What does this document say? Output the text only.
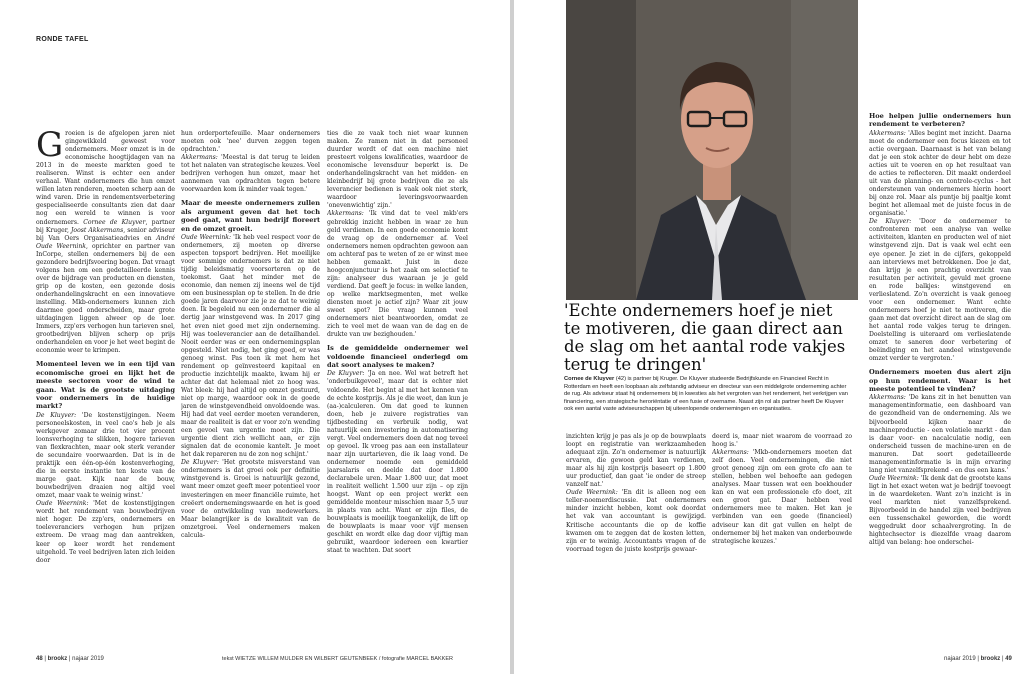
RONDE TAFEL

Groeien is de afgelopen jaren niet gingewikkeld geweest voor ondernemers. Meer omzet is in de economische hoogtijdagen van na 2013 in de meeste markten goed te realiseren. Winst is echter een ander verhaal. Want ondernemers die hun omzet willen laten renderen, moeten scherp aan de wind varen. Drie in rendementsverbetering gespecialiseerde consultants zien dat daar nog een wereld te winnen is voor ondernemers. Cornee de Kluyver, partner bij Kruger, Joost Akkermans, senior adviseur bij Van Oers Organisatieadvies en André Oude Weernink, oprichter en partner van InCorpe, stellen ondernemers bij de een gezondere bedrijfsvoering bogen. Dat vraagt volgens hen om een gedetailleerde kennis over de bijdrage van producten en diensten, grip op de kosten, een gezonde dosis onderhandelingskracht en een innovatieve instelling. Mkb-ondernemers kunnen zich daarmee goed onderscheiden, maar grote uitdagingen liggen alweer op de loer. Immers, zzp'ers verhogen hun tarieven snel, grootbedrijven blijven scherp op prijs onderhandelen en voor je het weet begint de economie weer te krimpen.

Momenteel leven we in een tijd van economische groei en lijkt het de meeste sectoren voor de wind te gaan. Wat is de grootste uitdaging voor ondernemers in de huidige markt?

De Kluyver: 'De kostenstijgingen. Neem personeelskosten, in veel cao's heb je als werkgever zomaar drie tot vier procent loonsverhoging te slikken, hogere tarieven van flexkrachten, maar ook sterk verander de secundaire voorwaarden. Dat is in de praktijk een één-op-één kostenverhoging, die in eerste instantie ten koste van de marge gaat. Kijk naar de bouw, bouwbedrijven draaien nog altijd veel omzet, maar vaak te weinig winst.'

Oude Weernink: 'Met de kostenstijgingen wordt het rendement van bouwbedrijven niet hoger. De zzp'ers, ondernemers en toeleveranciers verhogen hun prijzen extreem. De vraag mag dan aantrekken, keer op keer wordt het rendement uitgehold. Te veel bedrijven laten zich leiden door

hun orderportefeuille. Maar ondernemers moeten ook 'nee' durven zeggen tegen opdrachten.'

Akkermans: 'Meestal is dat terug te leiden tot het nalaten van strategische keuzes. Veel bedrijven verhogen hun omzet, maar het aannemen van opdrachten tegen betere voorwaarden kom ik minder vaak tegen.'

Maar de meeste ondernemers zullen als argument geven dat het toch goed gaat, want hun bedrijf floreert en de omzet groeit.

Oude Weernink: 'Ik heb veel respect voor de ondernemers, zij moeten op diverse aspecten topsport bedrijven. Het moeilijke voor sommige ondernemers is dat ze niet tijdig beleidsmatig voorsorteren op de toekomst. Gaat het minder met de economie, dan nemen zij ineens wel de tijd om een businessplan op te stellen. In de drie goede jaren daarvoor zie je ze dat te weinig doen. Ik begeleid nu een ondernemer die al dertig jaar winstgevend was. In 2017 ging het even niet goed met zijn onderneming. Hij was toeleverancier aan de detailhandel. Nooit eerder was er een ondernemingsplan opgesteld. Niet nodig, het ging goed, er was genoeg winst. Pas toen ik met hem het rendement op geïnvesteerd kapitaal en productie inzichtelijk maakte, kwam hij er achter dat dat helemaal niet zo hoog was. Wat bleek: hij had altijd op omzet gestuurd, niet op marge, waardoor ook in de goede jaren de winstgevendheid onvoldoende was. Hij had dat veel eerder moeten veranderen, maar de realiteit is dat er voor zo'n wending een gevoel van urgentie moet zijn. Die urgentie dient zich wellicht aan, er zijn signalen dat de economie kantelt. Je moet het dak repareren nu de zon nog schijnt.'

De Kluyver: 'Het grootste misverstand van ondernemers is dat groei ook per definitie winstgevend is. Groei is natuurlijk gezond, want meer omzet geeft meer potentieel voor investeringen en meer financiële ruimte, het creëert ondernemingswaarde en het is goed voor de ontwikkeling van medewerkers. Maar belangrijker is de kwaliteit van de omzetgroei. Veel ondernemers maken calcula-

ties die ze vaak toch niet waar kunnen maken. Ze ramen niet in dat personeel duurder wordt of dat een machine niet presteert volgens kwalificaties, waardoor de economische levensduur beperkt is. De onderhandelingskracht van het midden- en kleinbedrijf bij grote bedrijven die ze als leverancier bedienen is vaak ook niet sterk, waardoor leveringsvoorwaarden 'onevenwichtig' zijn.'

Akkermans: 'Ik vind dat te veel mkb'ers gebrekkig inzicht hebben in waar ze hun geld verdienen. In een goede economie komt de vraag op de ondernemer af. Veel ondernemers nemen opdrachten gewoon aan om achteraf pas te weten of ze er winst mee hebben gemaakt. Juist in deze hoogconjunctuur is het zaak om selectief te zijn: analyseer dus waaraan je je geld verdiend. Dat geeft je focus: in welke landen, op welke marktsegmenten, met welke diensten moet je actief zijn? Waar zit jouw sweet spot? Die vraag kunnen veel ondernemers niet beantwoorden, omdat ze zich te veel met de waan van de dag en de drukte van uw bezighouden.'

Is de gemiddelde ondernemer wel voldoende financieel onderlegd om dat soort analyses te maken?

De Kluyver: 'Ja en nee. Wel wat betreft het 'onderbuikgevoel', maar dat is echter niet voldoende. Het begint al met het kennen van de echte kostprijs. Als je die weet, dan kun je (aa-)calculeren. Om dat goed te kunnen doen, heb je zuivere registraties van tijdbesteding en verbruik nodig, wat natuurlijk een investering in automatisering vergt. Veel ondernemers doen dat nog teveel op gevoel. Ik vroeg pas aan een installateur naar zijn uurtarieven, die ik laag vond. De ondernemer noemde een gemiddeld jaarsalaris en deelde dat door 1.800 declarabele uren. Maar 1.800 uur, dat moet in realiteit wellicht 1.500 uur zijn – op zijn hoogst. Want op een project werkt een gemiddelde monteur misschien maar 5,5 uur in plaats van acht. Want er zijn files, de bouwplaats is moeilijk toegankelijk, de lift op de bouwplaats is maar voor vijf mensen geschikt en wordt elke dag door vijftig man gebruikt, waardoor iedereen een kwartier staat te wachten. Dat soort

48 | brookz | najaar 2019	tekst WIETZE WILLEM MULDER EN WILBERT GEUTENBEEK / fotografie MARCEL BAKKER
'Echte ondernemers hoef je niet te motiveren, die gaan direct aan de slag om het aantal rode vakjes terug te dringen'
Cornee de Kluyver (42) is partner bij Kruger. De Kluyver studeerde Bedrijfskunde en Financieel Recht in Rotterdam en heeft een loopbaan als zelfstandig adviseur en directeur van een middelgrote onderneming achter de rug. Als adviseur staat hij ondernemers bij in kwesties als het vergroten van het rendement, het verkrijgen van financiering, een strategische heroriëntatie of een fusie of overname. Naast zijn rol als partner heeft De Kluyver ook een aantal vaste adviseurschappen bij uiteenlopende ondernemingen en organisaties.

inzichten krijg je pas als je op de bouwplaats loopt en registratie van werkzaamheden adequaat zijn. Zo'n ondernemer is natuurlijk ervaren, die gewoon geld kan verdienen, maar als hij zijn kostprijs baseert op 1.800 uur productief, dan gaat 'ie onder de streep vanzelf nat.'

Oude Weernink: 'En dit is alleen nog een teller-noemerdiscussie. Dat ondernemers minder inzicht hebben, komt ook doordat het vak van accountant is gewijzigd. Kritische accountants die op de koffie kwamen om te zeggen dat de kosten letten, zijn er te weinig. Accountants vragen of de voorraad tegen de juiste kostprijs gewaar-

deerd is, maar niet waarom de voorraad zo hoog is.'

Akkermans: 'Mkb-ondernemers moeten dat zelf doen. Veel ondernemingen, die niet groot genoeg zijn om een grote cfo aan te stellen, hebben wel behoefte aan gedegen analyses. Maar tussen wat een boekhouder kan en wat een professionele cfo doet, zit een groot gat. Daar hebben veel ondernemers mee te maken. Het kan je verbinden van een goede (financieel) adviseur kan dit gat vullen en helpt de ondernemer bij het maken van onderbouwde strategische keuzes.'

Hoe helpen jullie ondernemers hun rendement te verbeteren?

Akkermans: 'Alles begint met inzicht. Daarna moet de ondernemer een focus kiezen en tot actie overgaan. Daarnaast is het van belang dat je een stok achter de deur hebt om deze acties uit te voeren en op het resultaat van de acties te reflecteren. Dit maakt onderdeel uit van de planning- en controle-cyclus - het ondersteunen van ondernemers hierin hoort bij onze rol. Maar als puntje bij paaltje komt begint het allemaal met de juiste focus in de organisatie.'

De Kluyver: 'Door de ondernemer te confronteren met een analyse van welke activiteiten, klanten en producten wel of niet winstgevend zijn. Dat is vaak wel echt een eye opener. Je ziet in de cijfers, gekoppeld aan interviews met betrokkenen. Doe je dat, dan krijg je een prachtig overzicht van resultaten per activiteit, gevuld met groene en rode balkjes: winstgevend en verlieslatend. Zo'n overzicht is vaak genoeg voor een ondernemer. Want echte ondernemers hoef je niet te motiveren, die gaan met dat overzicht direct aan de slag om het aantal rode vakjes terug te dringen. Doelstelling is uiteraard om verlieslatende omzet te saneren door verbetering of beëindiging en het aandeel winstgevende omzet verder te vergroten.'

Ondernemers moeten dus alert zijn op hun rendement. Waar is het meeste potentieel te vinden?

Akkermans: 'De kans zit in het benutten van managementinformatie, een dashboard van de gezondheid van de onderneming. Als we bijvoorbeeld kijken naar de machineproductie - een volatiele markt - dan is daar voor- en nacalculatie nodig, een onderscheid tussen de machine-uren en de manuren. Dat soort gedetailleerde managementinformatie is in mijn ervaring lang niet vanzelfsprekend - en dus een kans.'

Oude Weernink: 'Ik denk dat de grootste kans ligt in het exact weten wat je bedrijf toevoegt in de waardeketen. Want zo'n inzicht is in veel markten niet vanzelfsprekend. Bijvoorbeeld in de handel zijn veel bedrijven een tussenschakel geworden, die wordt weggedrukt door schaalvergroting. In de hightechsector is diezelfde vraag daarom altijd van belang: hoe onderschei-

najaar 2019 | brookz | 49
